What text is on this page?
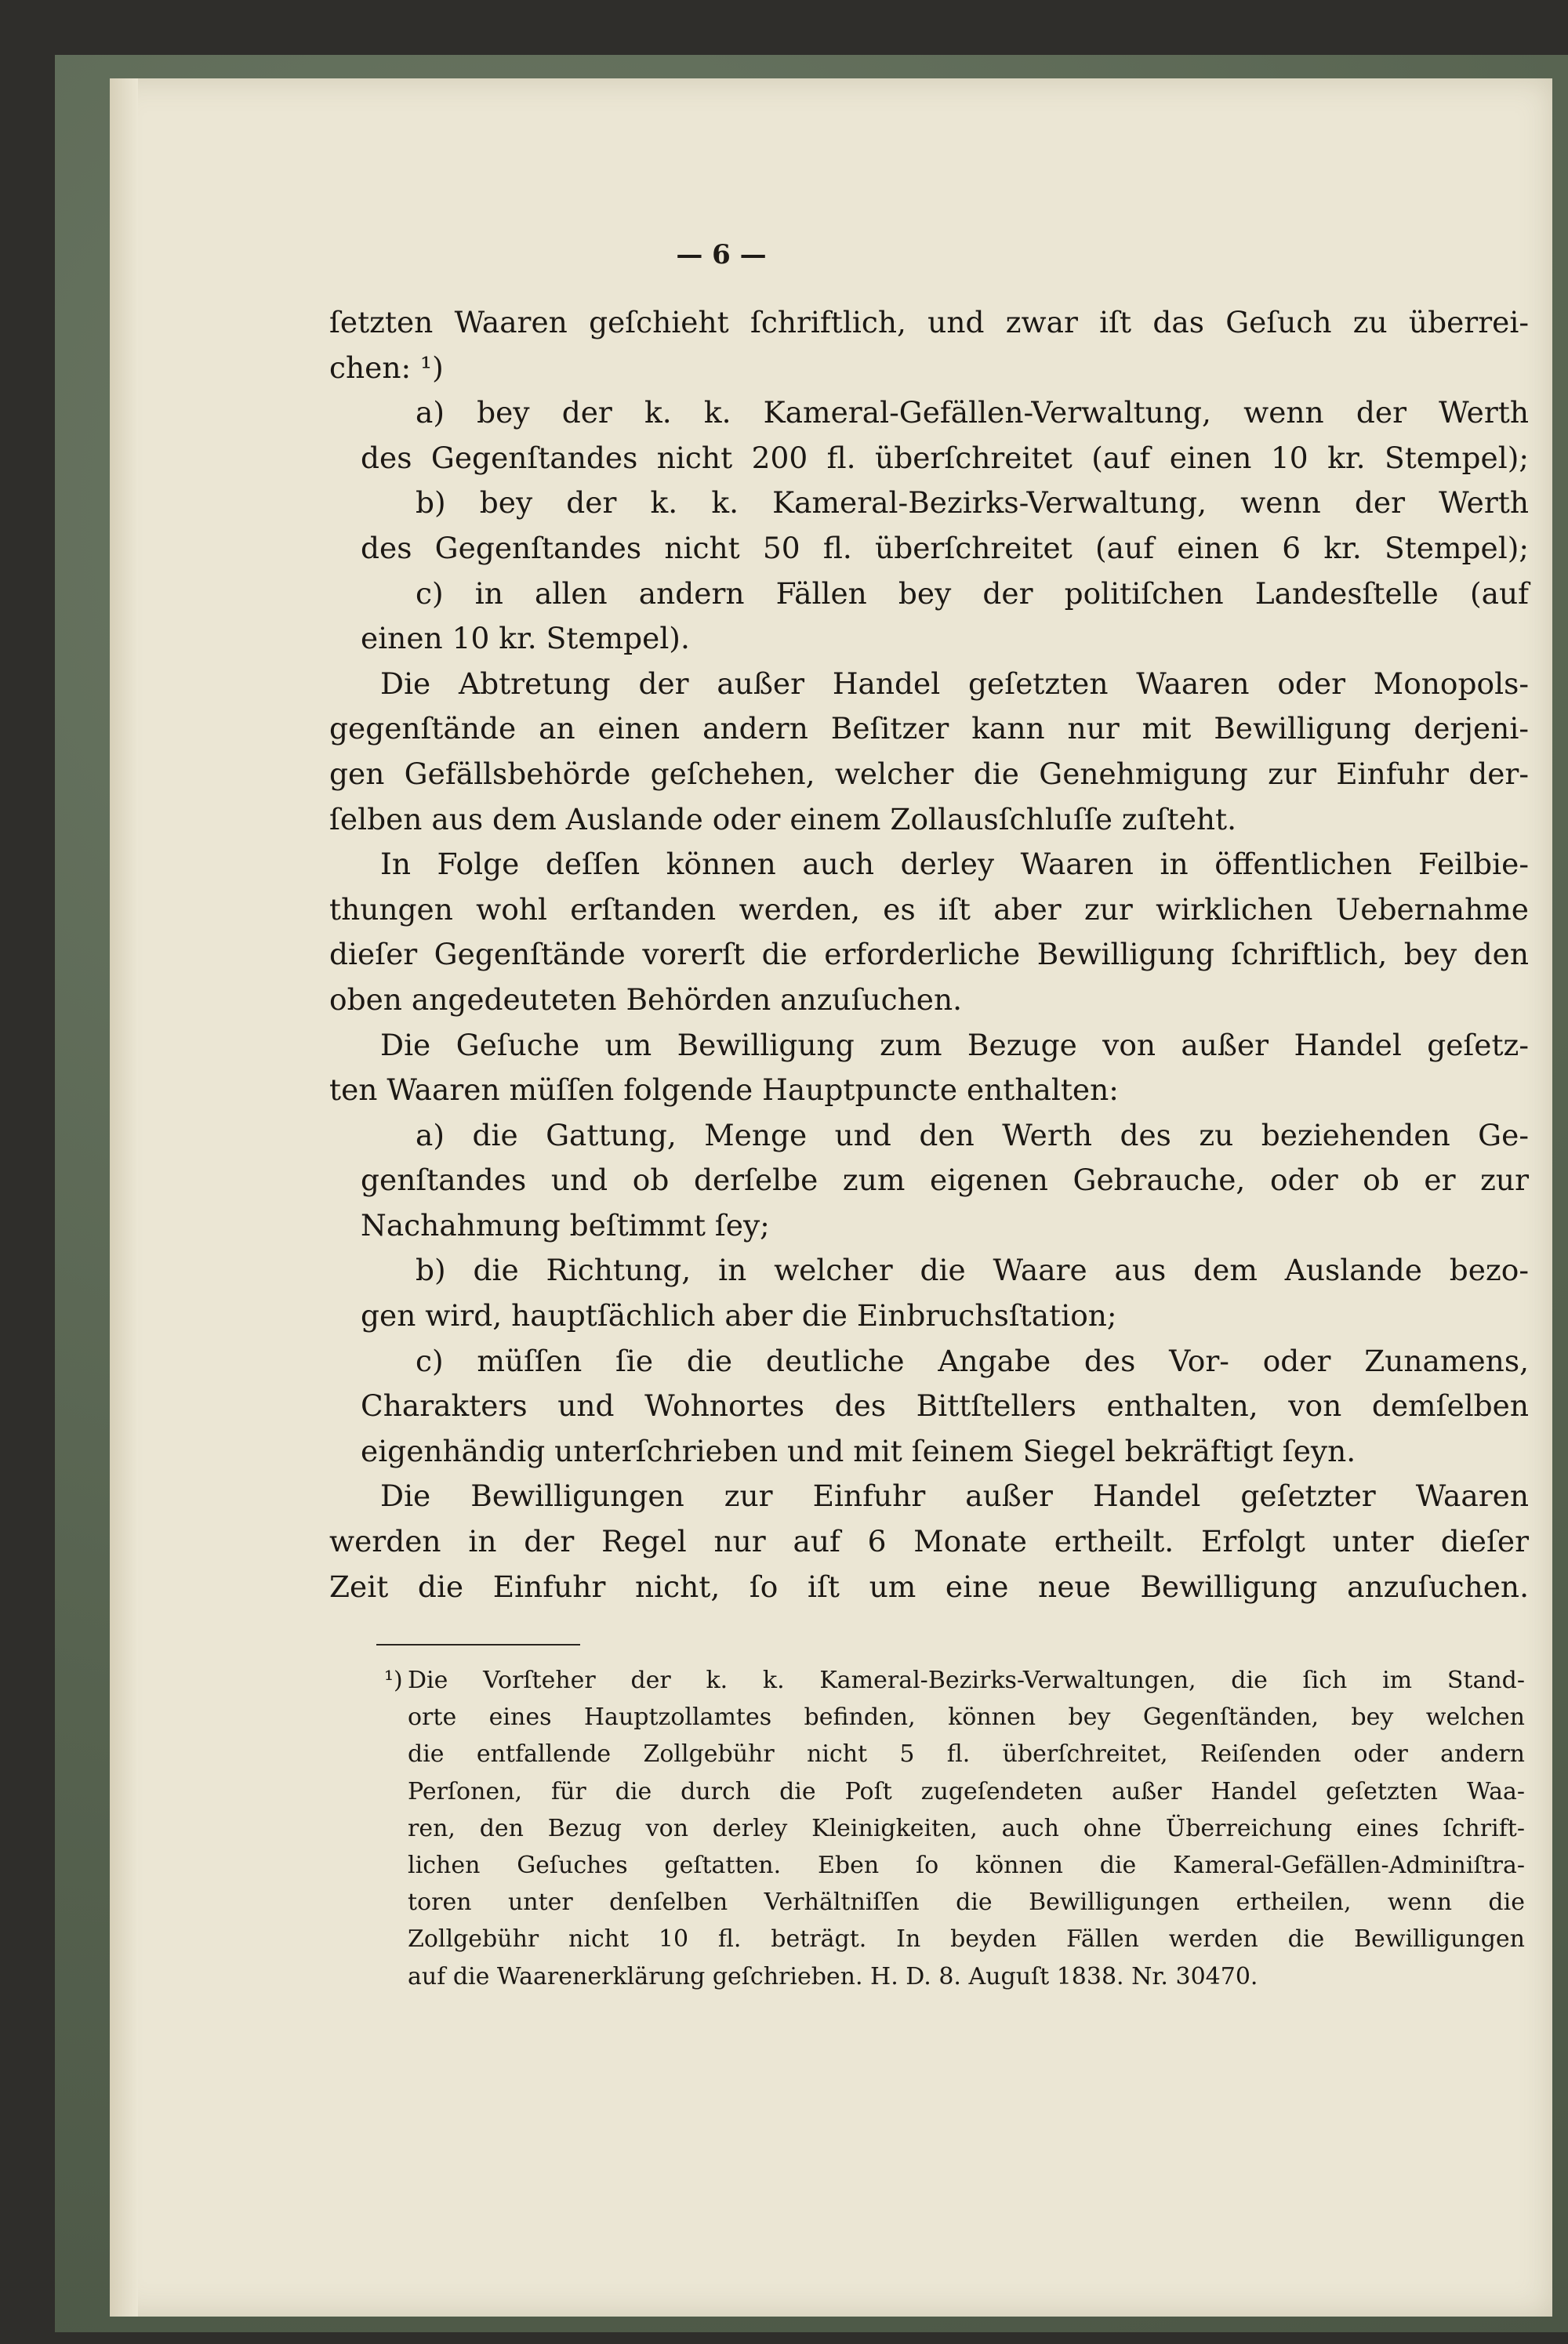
— 6 —
ſetzten Waaren geſchieht ſchriftlich, und zwar iſt das Geſuch zu überrei-
chen: ¹)
a) bey der k. k. Kameral-Gefällen-Verwaltung, wenn der Werth
des Gegenſtandes nicht 200 fl. überſchreitet (auf einen 10 kr. Stempel);
b) bey der k. k. Kameral-Bezirks-Verwaltung, wenn der Werth
des Gegenſtandes nicht 50 fl. überſchreitet (auf einen 6 kr. Stempel);
c) in allen andern Fällen bey der politiſchen Landesſtelle (auf
einen 10 kr. Stempel).
Die Abtretung der außer Handel geſetzten Waaren oder Monopols-
gegenſtände an einen andern Beſitzer kann nur mit Bewilligung derjeni-
gen Gefällsbehörde geſchehen, welcher die Genehmigung zur Einfuhr der-
ſelben aus dem Auslande oder einem Zollausſchluſſe zuſteht.
In Folge deſſen können auch derley Waaren in öffentlichen Feilbie-
thungen wohl erſtanden werden, es iſt aber zur wirklichen Uebernahme
dieſer Gegenſtände vorerſt die erforderliche Bewilligung ſchriftlich, bey den
oben angedeuteten Behörden anzuſuchen.
Die Geſuche um Bewilligung zum Bezuge von außer Handel geſetz-
ten Waaren müſſen folgende Hauptpuncte enthalten:
a) die Gattung, Menge und den Werth des zu beziehenden Ge-
genſtandes und ob derſelbe zum eigenen Gebrauche, oder ob er zur
Nachahmung beſtimmt ſey;
b) die Richtung, in welcher die Waare aus dem Auslande bezo-
gen wird, hauptſächlich aber die Einbruchsſtation;
c) müſſen ſie die deutliche Angabe des Vor- oder Zunamens,
Charakters und Wohnortes des Bittſtellers enthalten, von demſelben
eigenhändig unterſchrieben und mit ſeinem Siegel bekräftigt ſeyn.
Die Bewilligungen zur Einfuhr außer Handel geſetzter Waaren
werden in der Regel nur auf 6 Monate ertheilt. Erfolgt unter dieſer
Zeit die Einfuhr nicht, ſo iſt um eine neue Bewilligung anzuſuchen.
¹) Die Vorſteher der k. k. Kameral-Bezirks-Verwaltungen, die ſich im Stand-
orte eines Hauptzollamtes befinden, können bey Gegenſtänden, bey welchen
die entfallende Zollgebühr nicht 5 fl. überſchreitet, Reiſenden oder andern
Perſonen, für die durch die Poſt zugeſendeten außer Handel geſetzten Waa-
ren, den Bezug von derley Kleinigkeiten, auch ohne Überreichung eines ſchrift-
lichen Geſuches geſtatten. Eben ſo können die Kameral-Gefällen-Adminiſtra-
toren unter denſelben Verhältniſſen die Bewilligungen ertheilen, wenn die
Zollgebühr nicht 10 fl. beträgt. In beyden Fällen werden die Bewilligungen
auf die Waarenerklärung geſchrieben. H. D. 8. Auguſt 1838. Nr. 30470.
